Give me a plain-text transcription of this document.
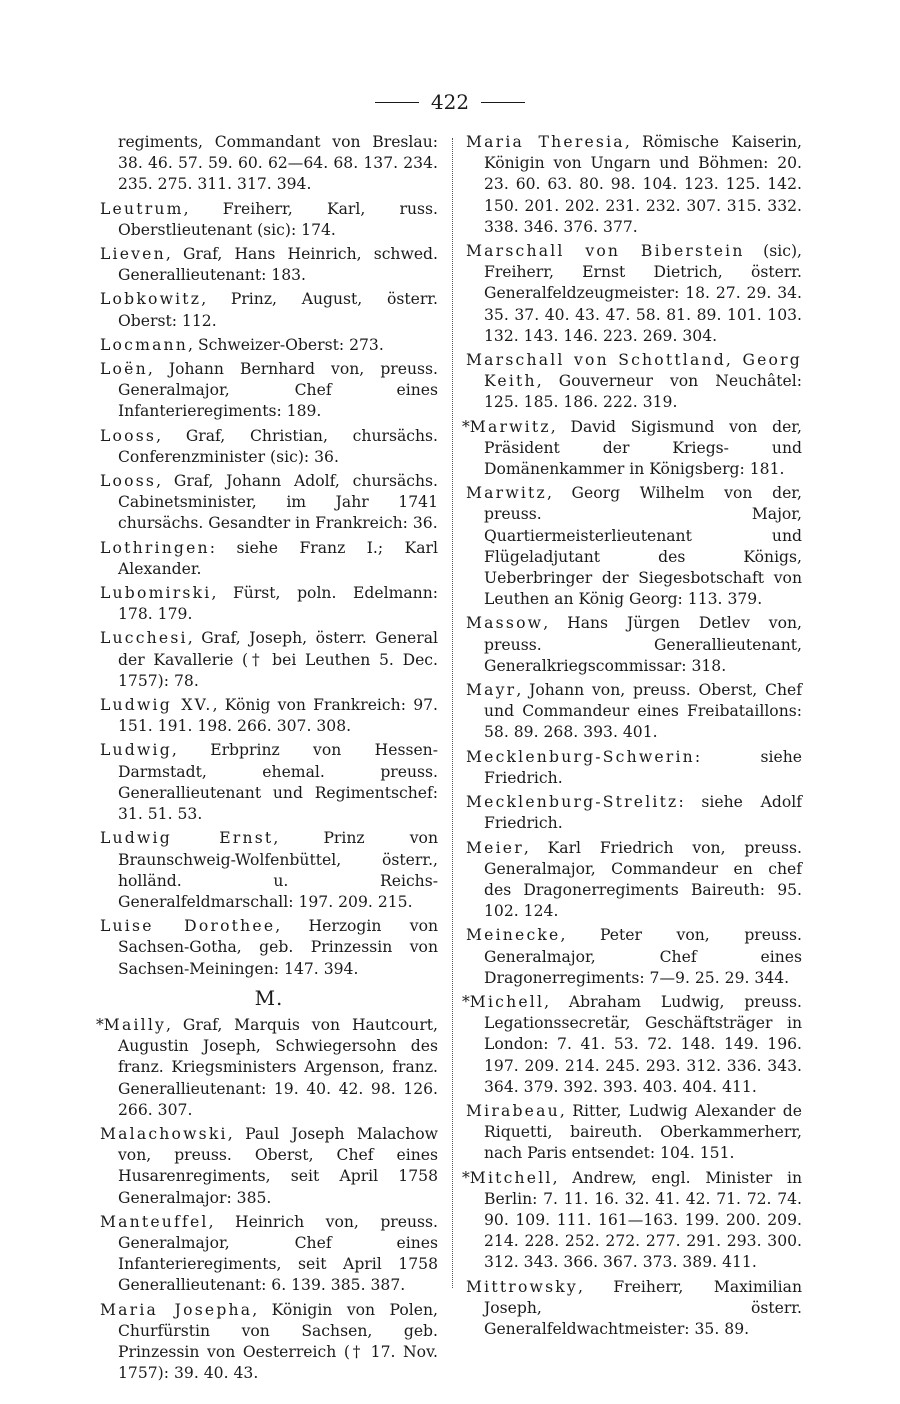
422

regiments, Commandant von Breslau: 38. 46. 57. 59. 60. 62—64. 68. 137. 234. 235. 275. 311. 317. 394.

Leutrum, Freiherr, Karl, russ. Oberstlieutenant (sic): 174.

Lieven, Graf, Hans Heinrich, schwed. Generallieutenant: 183.

Lobkowitz, Prinz, August, österr. Oberst: 112.

Locmann, Schweizer-Oberst: 273.

Loën, Johann Bernhard von, preuss. Generalmajor, Chef eines Infanterieregiments: 189.

Looss, Graf, Christian, chursächs. Conferenzminister (sic): 36.

Looss, Graf, Johann Adolf, chursächs. Cabinetsminister, im Jahr 1741 chursächs. Gesandter in Frankreich: 36.

Lothringen: siehe Franz I.; Karl Alexander.

Lubomirski, Fürst, poln. Edelmann: 178. 179.

Lucchesi, Graf, Joseph, österr. General der Kavallerie († bei Leuthen 5. Dec. 1757): 78.

Ludwig XV., König von Frankreich: 97. 151. 191. 198. 266. 307. 308.

Ludwig, Erbprinz von Hessen-Darmstadt, ehemal. preuss. Generallieutenant und Regimentschef: 31. 51. 53.

Ludwig Ernst, Prinz von Braunschweig-Wolfenbüttel, österr., holländ. u. Reichs-Generalfeldmarschall: 197. 209. 215.

Luise Dorothee, Herzogin von Sachsen-Gotha, geb. Prinzessin von Sachsen-Meiningen: 147. 394.

M.

*Mailly, Graf, Marquis von Hautcourt, Augustin Joseph, Schwiegersohn des franz. Kriegsministers Argenson, franz. Generallieutenant: 19. 40. 42. 98. 126. 266. 307.

Malachowski, Paul Joseph Malachow von, preuss. Oberst, Chef eines Husarenregiments, seit April 1758 Generalmajor: 385.

Manteuffel, Heinrich von, preuss. Generalmajor, Chef eines Infanterieregiments, seit April 1758 Generallieutenant: 6. 139. 385. 387.

Maria Josepha, Königin von Polen, Churfürstin von Sachsen, geb. Prinzessin von Oesterreich († 17. Nov. 1757): 39. 40. 43.

Maria Theresia, Römische Kaiserin, Königin von Ungarn und Böhmen: 20. 23. 60. 63. 80. 98. 104. 123. 125. 142. 150. 201. 202. 231. 232. 307. 315. 332. 338. 346. 376. 377.

Marschall von Biberstein (sic), Freiherr, Ernst Dietrich, österr. Generalfeldzeugmeister: 18. 27. 29. 34. 35. 37. 40. 43. 47. 58. 81. 89. 101. 103. 132. 143. 146. 223. 269. 304.

Marschall von Schottland, Georg Keith, Gouverneur von Neuchâtel: 125. 185. 186. 222. 319.

*Marwitz, David Sigismund von der, Präsident der Kriegs- und Domänenkammer in Königsberg: 181.

Marwitz, Georg Wilhelm von der, preuss. Major, Quartiermeisterlieutenant und Flügeladjutant des Königs, Ueberbringer der Siegesbotschaft von Leuthen an König Georg: 113. 379.

Massow, Hans Jürgen Detlev von, preuss. Generallieutenant, Generalkriegscommissar: 318.

Mayr, Johann von, preuss. Oberst, Chef und Commandeur eines Freibataillons: 58. 89. 268. 393. 401.

Mecklenburg-Schwerin: siehe Friedrich.

Mecklenburg-Strelitz: siehe Adolf Friedrich.

Meier, Karl Friedrich von, preuss. Generalmajor, Commandeur en chef des Dragonerregiments Baireuth: 95. 102. 124.

Meinecke, Peter von, preuss. Generalmajor, Chef eines Dragonerregiments: 7—9. 25. 29. 344.

*Michell, Abraham Ludwig, preuss. Legationssecretär, Geschäftsträger in London: 7. 41. 53. 72. 148. 149. 196. 197. 209. 214. 245. 293. 312. 336. 343. 364. 379. 392. 393. 403. 404. 411.

Mirabeau, Ritter, Ludwig Alexander de Riquetti, baireuth. Oberkammerherr, nach Paris entsendet: 104. 151.

*Mitchell, Andrew, engl. Minister in Berlin: 7. 11. 16. 32. 41. 42. 71. 72. 74. 90. 109. 111. 161—163. 199. 200. 209. 214. 228. 252. 272. 277. 291. 293. 300. 312. 343. 366. 367. 373. 389. 411.

Mittrowsky, Freiherr, Maximilian Joseph, österr. Generalfeldwachtmeister: 35. 89.
